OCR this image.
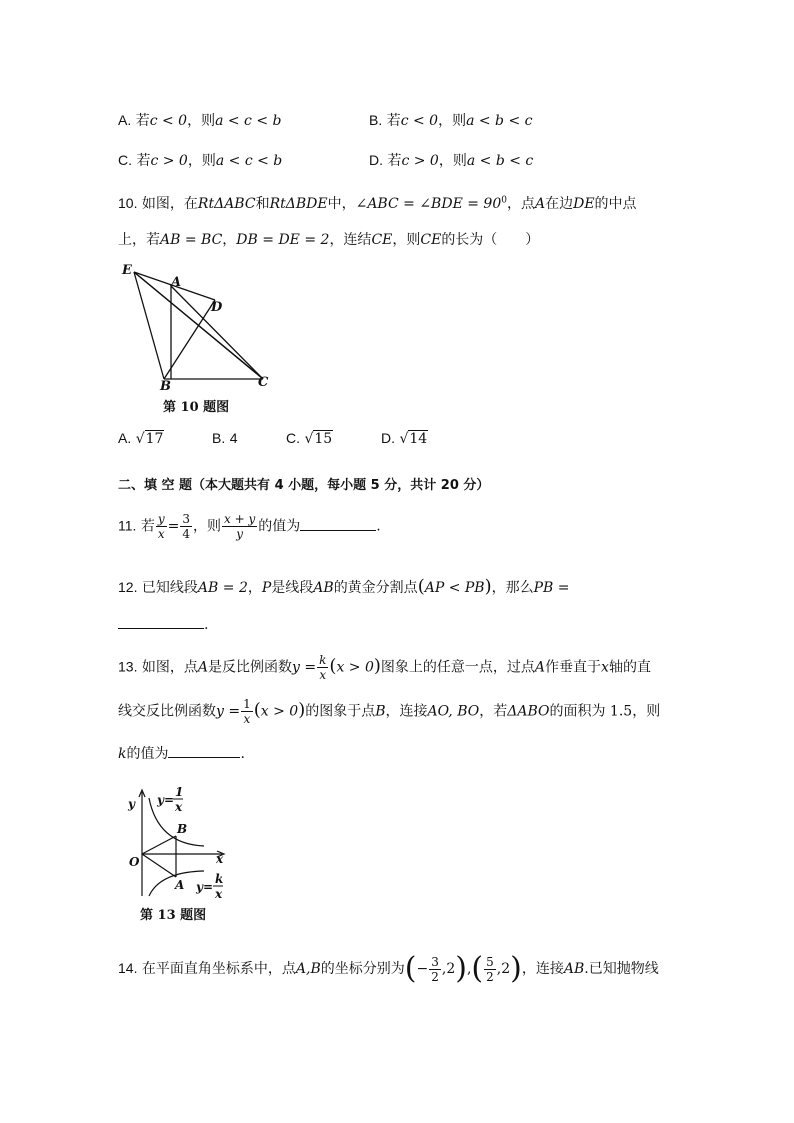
A. 若c < 0，则a < c < b	B. 若c < 0，则a < b < c
C. 若c > 0，则a < c < b	D. 若c > 0，则a < b < c
10. 如图，在RtΔABC和RtΔBDE中，∠ABC = ∠BDE = $90^0$，点A在边DE的中点
上，若AB = BC，DB = DE = 2，连结CE，则CE的长为（　　）
E
A
D
B	C
第 10 题图
A. √17	B. 4	C. √15	D. √14
二、填 空 题（本大题共有 4 小题，每小题 5 分，共计 20 分）
11. 若 $\frac{y}{x} = \frac{3}{4}$ ，则 $\frac{x + y}{y}$ 的值为	.
12. 已知线段AB = 2，P是线段AB的黄金分割点(AP < PB)，那么PB =
.
13. 如图，点A是反比例函数$y = \frac{k}{x} (x > 0)$图象上的任意一点，过点A作垂直于x轴的直
线交反比例函数$y = \frac{1}{x} (x > 0)$的图象于点B，连接AO, BO，若ΔABO的面积为 1.5，则
k的值为	.
y
x
O
B
A
y=
1
x
y=
k
x
第 13 题图
14. 在平面直角坐标系中，点A,B的坐标分别为(− $\frac{3}{2} ,2),( \frac{5}{2} ,2)$，连接AB.已知抛物线
